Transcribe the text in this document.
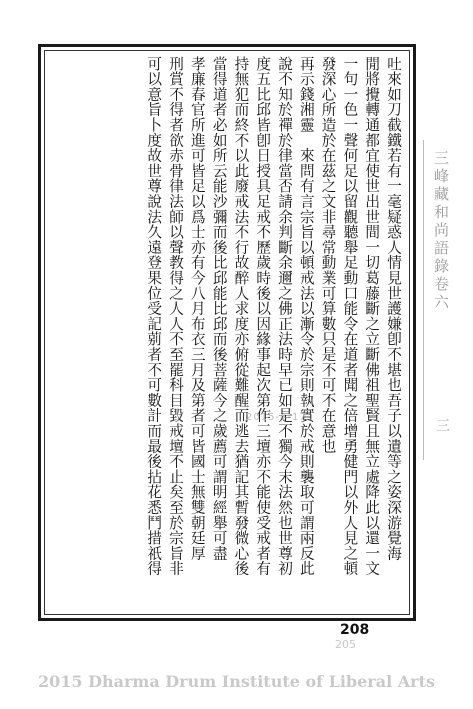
吐來如刀截鐵若有一毫疑惑人情見世護嫌卽不堪也吾子以遺等之姿深游覺海
閒將攪轉通都宜使世出世間一切葛藤斷之立斷佛祖聖賢且無立處降此以還一文
一句一色一聲何足以留觀聽舉足動口能令在道者聞之倍增勇健門以外人見之頓
發深心所造於在茲之文非尋常動業可算數只是不可不在意也
再示錢湘靈　來問有言宗旨以頓戒法以漸令於宗則執實於戒則襲取可謂兩反此
說不知於禪於律當否請余判斷余邇之佛正法時早已如是不獨今末法然也世尊初
度五比邱皆卽日授具足戒不歷歲時後以因緣事起次第作三壇亦不能使受戒者有
持無犯而終不以此廢戒法不行故醉人求度亦俯從難醒而逃去猶記其暫發微心後
當得道者必如所云能沙彌而後比邱能比邱而後菩薩今之歲薦可謂明經舉可盡
孝廉春官所進可皆足以爲士亦有今八月布衣三月及第者可皆國士無雙朝廷厚
刑賞不得者欲赤骨律法師以聲教得之人人不至罷科目毀戒壇不止矣至於宗旨非
可以意旨卜度故世尊說法久遠登果位受記莂者不可數計而最後拈花悉鬥措祇得	三峰藏和尚語錄卷六
三
2015-4-17
208
205
2015 Dharma Drum Institute of Liberal Arts
